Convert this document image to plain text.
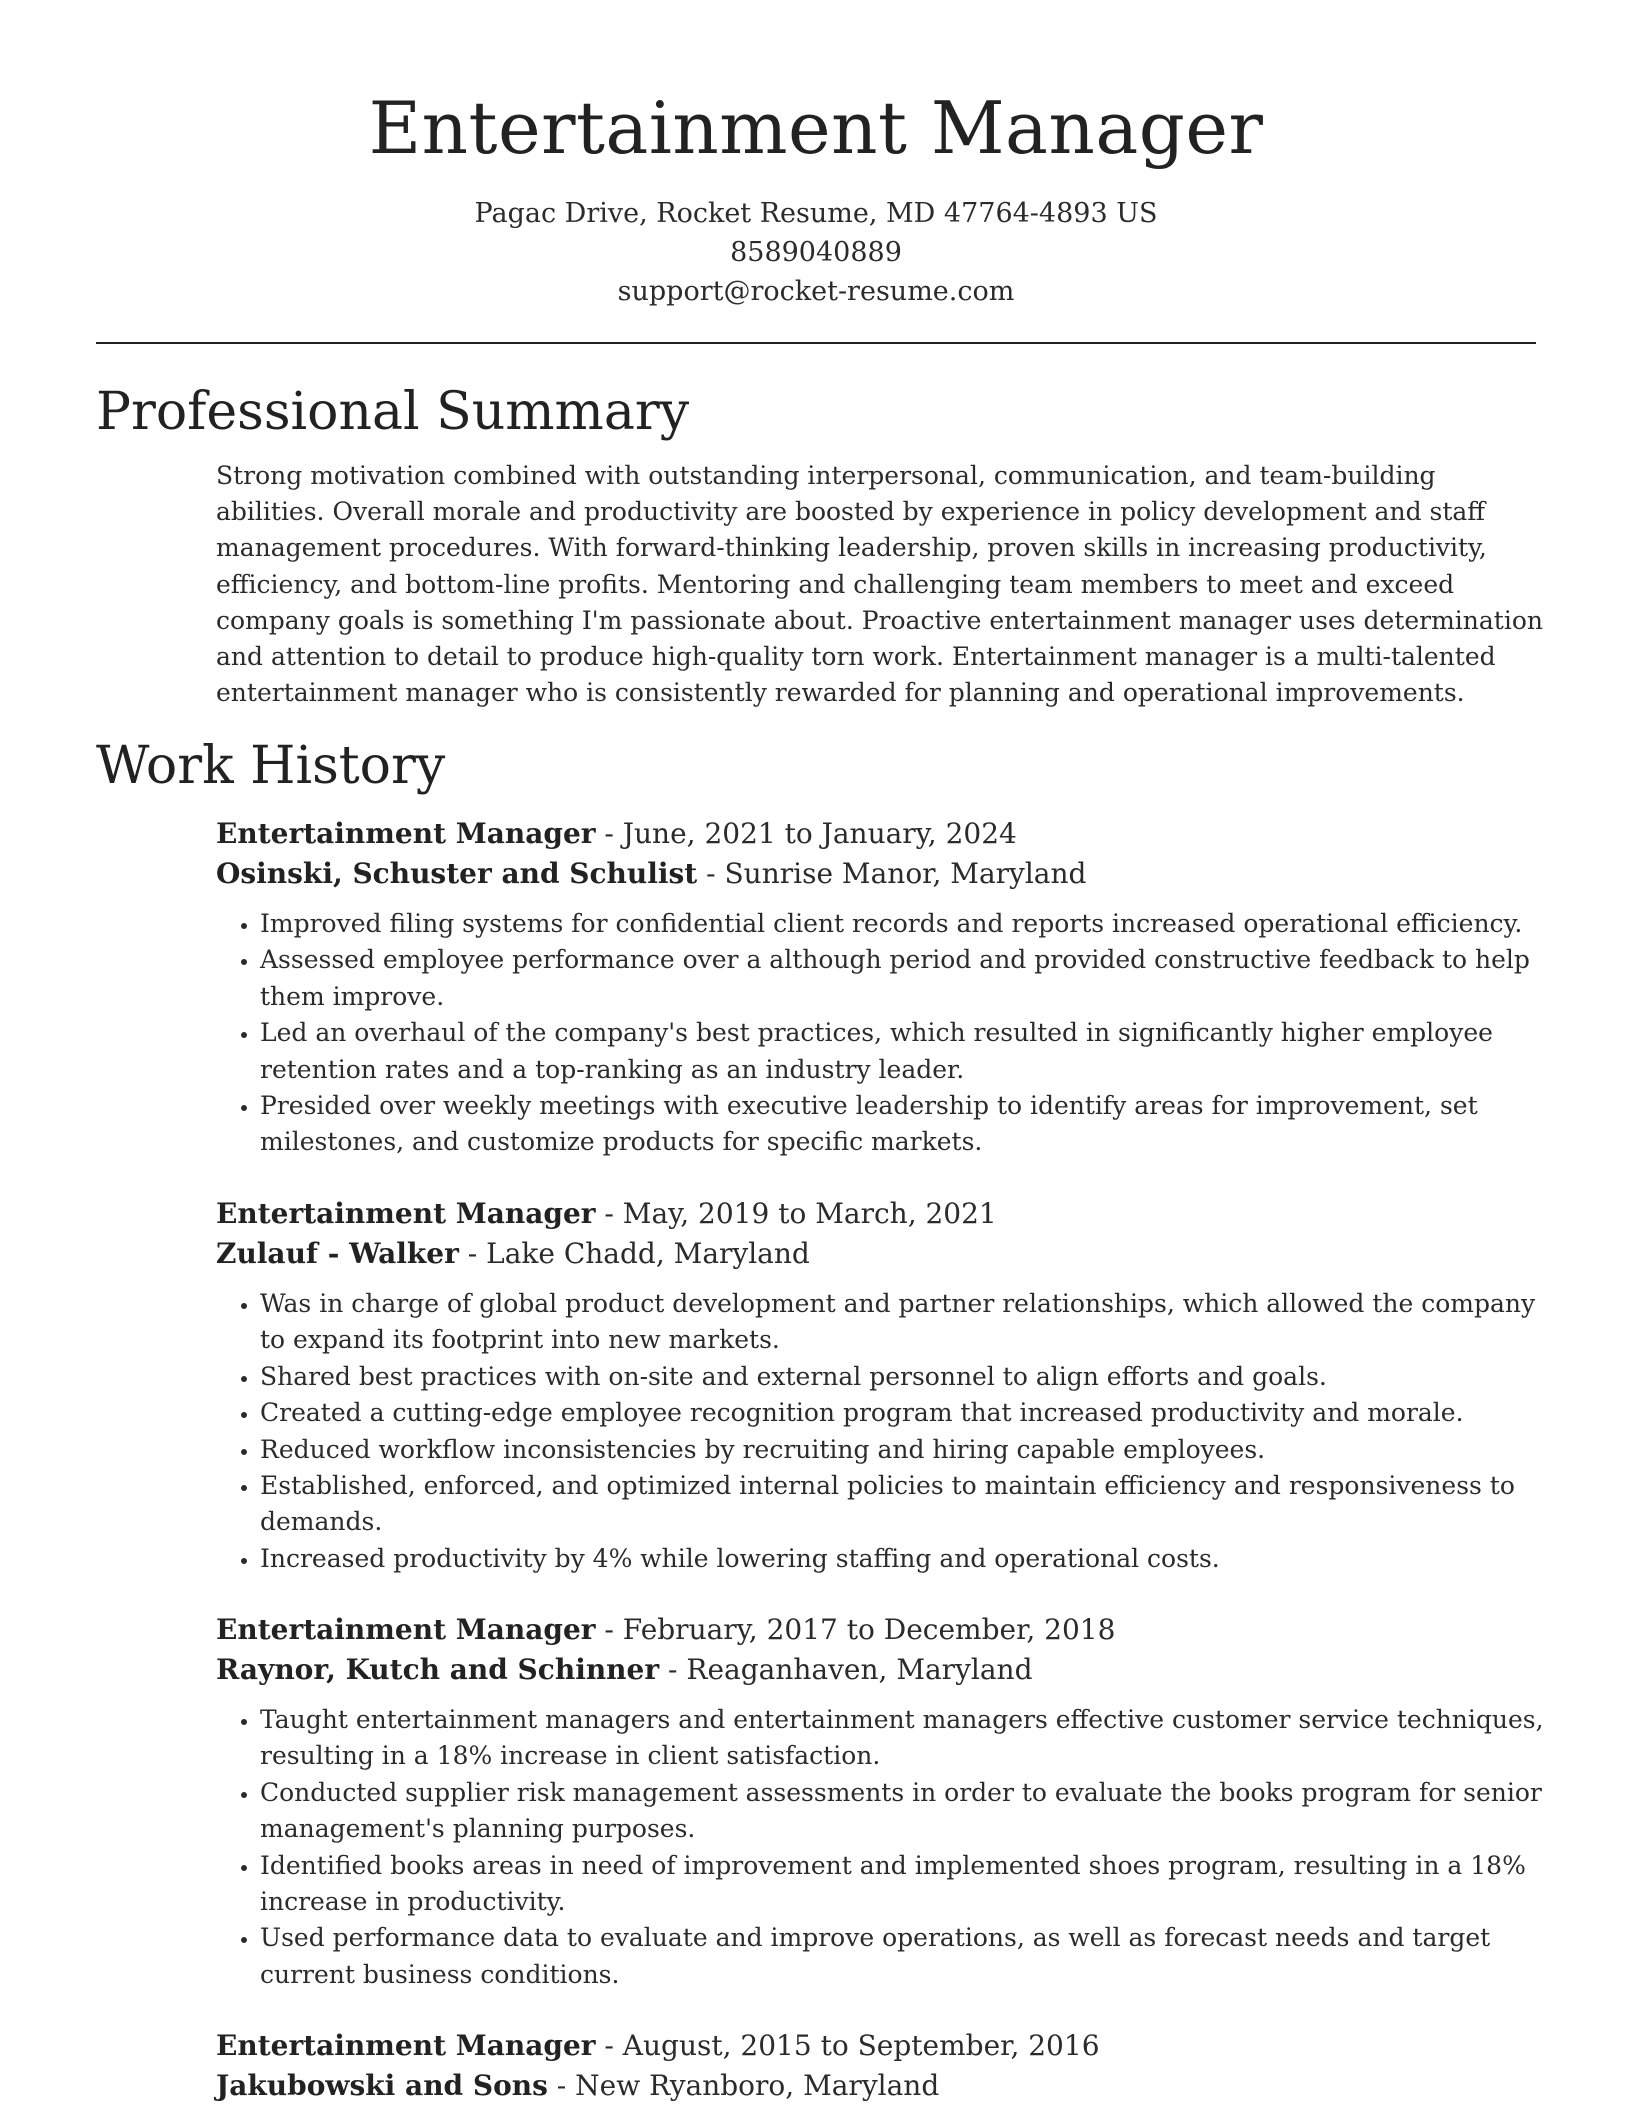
Entertainment Manager
Pagac Drive, Rocket Resume, MD 47764-4893 US
8589040889
support@rocket-resume.com
Professional Summary
Strong motivation combined with outstanding interpersonal, communication, and team-building abilities. Overall morale and productivity are boosted by experience in policy development and staff management procedures. With forward-thinking leadership, proven skills in increasing productivity, efficiency, and bottom-line profits. Mentoring and challenging team members to meet and exceed company goals is something I'm passionate about. Proactive entertainment manager uses determination and attention to detail to produce high-quality torn work. Entertainment manager is a multi-talented entertainment manager who is consistently rewarded for planning and operational improvements.
Work History
Entertainment Manager - June, 2021 to January, 2024
Osinski, Schuster and Schulist - Sunrise Manor, Maryland
• Improved filing systems for confidential client records and reports increased operational efficiency.
• Assessed employee performance over a although period and provided constructive feedback to help them improve.
• Led an overhaul of the company's best practices, which resulted in significantly higher employee retention rates and a top-ranking as an industry leader.
• Presided over weekly meetings with executive leadership to identify areas for improvement, set milestones, and customize products for specific markets.
Entertainment Manager - May, 2019 to March, 2021
Zulauf - Walker - Lake Chadd, Maryland
• Was in charge of global product development and partner relationships, which allowed the company to expand its footprint into new markets.
• Shared best practices with on-site and external personnel to align efforts and goals.
• Created a cutting-edge employee recognition program that increased productivity and morale.
• Reduced workflow inconsistencies by recruiting and hiring capable employees.
• Established, enforced, and optimized internal policies to maintain efficiency and responsiveness to demands.
• Increased productivity by 4% while lowering staffing and operational costs.
Entertainment Manager - February, 2017 to December, 2018
Raynor, Kutch and Schinner - Reaganhaven, Maryland
• Taught entertainment managers and entertainment managers effective customer service techniques, resulting in a 18% increase in client satisfaction.
• Conducted supplier risk management assessments in order to evaluate the books program for senior management's planning purposes.
• Identified books areas in need of improvement and implemented shoes program, resulting in a 18% increase in productivity.
• Used performance data to evaluate and improve operations, as well as forecast needs and target current business conditions.
Entertainment Manager - August, 2015 to September, 2016
Jakubowski and Sons - New Ryanboro, Maryland
